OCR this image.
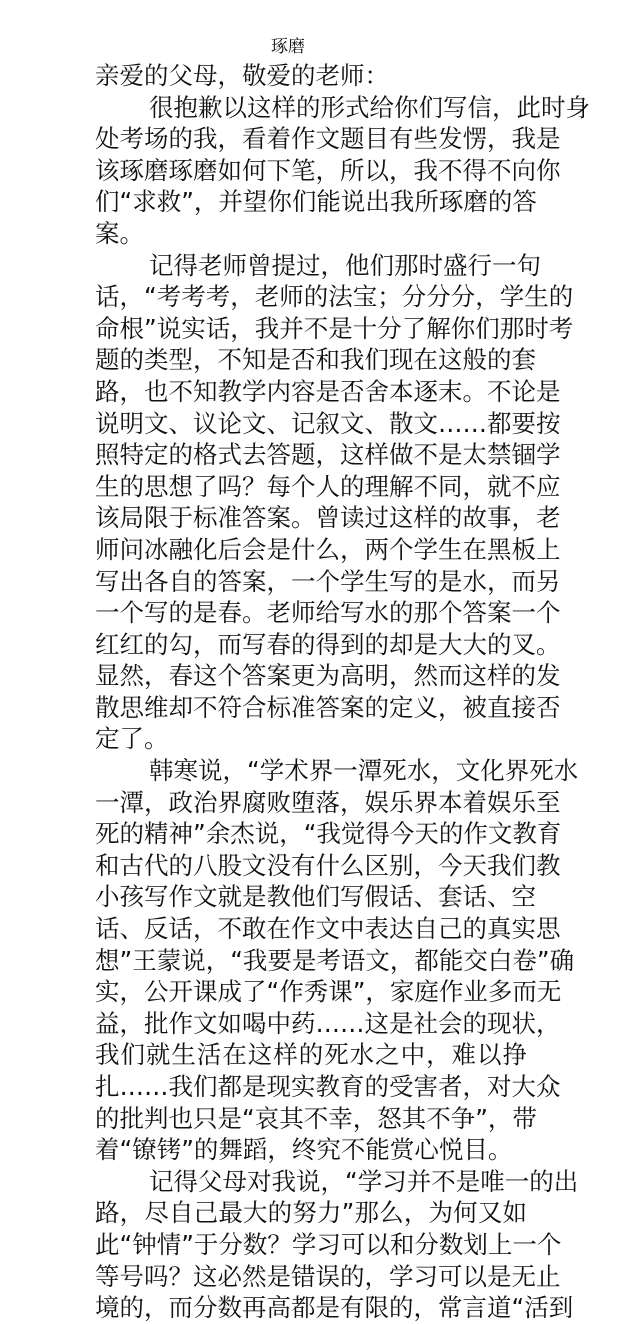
琢磨
亲爱的父母，敬爱的老师：
很抱歉以这样的形式给你们写信，此时身
处考场的我，看着作文题目有些发愣，我是
该琢磨琢磨如何下笔，所以，我不得不向你
们“求救”，并望你们能说出我所琢磨的答
案。
记得老师曾提过，他们那时盛行一句
话，“考考考，老师的法宝；分分分，学生的
命根”说实话，我并不是十分了解你们那时考
题的类型，不知是否和我们现在这般的套
路，也不知教学内容是否舍本逐末。不论是
说明文、议论文、记叙文、散文……都要按
照特定的格式去答题，这样做不是太禁锢学
生的思想了吗？每个人的理解不同，就不应
该局限于标准答案。曾读过这样的故事，老
师问冰融化后会是什么，两个学生在黑板上
写出各自的答案，一个学生写的是水，而另
一个写的是春。老师给写水的那个答案一个
红红的勾，而写春的得到的却是大大的叉。
显然，春这个答案更为高明，然而这样的发
散思维却不符合标准答案的定义，被直接否
定了。
韩寒说，“学术界一潭死水，文化界死水
一潭，政治界腐败堕落，娱乐界本着娱乐至
死的精神”余杰说，“我觉得今天的作文教育
和古代的八股文没有什么区别，今天我们教
小孩写作文就是教他们写假话、套话、空
话、反话，不敢在作文中表达自己的真实思
想”王蒙说，“我要是考语文，都能交白卷”确
实，公开课成了“作秀课”，家庭作业多而无
益，批作文如喝中药……这是社会的现状，
我们就生活在这样的死水之中，难以挣
扎……我们都是现实教育的受害者，对大众
的批判也只是“哀其不幸，怒其不争”，带
着“镣铐”的舞蹈，终究不能赏心悦目。
记得父母对我说，“学习并不是唯一的出
路，尽自己最大的努力”那么，为何又如
此“钟情”于分数？学习可以和分数划上一个
等号吗？这必然是错误的，学习可以是无止
境的，而分数再高都是有限的，常言道“活到
